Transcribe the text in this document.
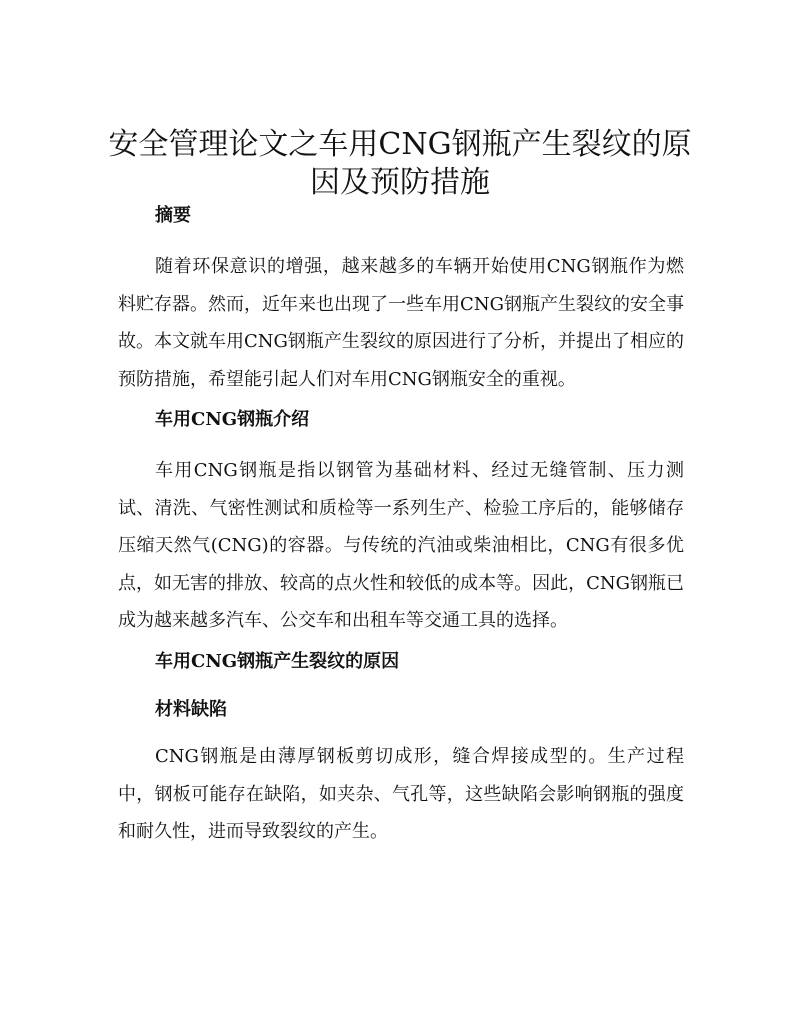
安全管理论文之车用CNG钢瓶产生裂纹的原因及预防措施
摘要

随着环保意识的增强，越来越多的车辆开始使用CNG钢瓶作为燃料贮存器。然而，近年来也出现了一些车用CNG钢瓶产生裂纹的安全事故。本文就车用CNG钢瓶产生裂纹的原因进行了分析，并提出了相应的预防措施，希望能引起人们对车用CNG钢瓶安全的重视。

车用CNG钢瓶介绍

车用CNG钢瓶是指以钢管为基础材料、经过无缝管制、压力测试、清洗、气密性测试和质检等一系列生产、检验工序后的，能够储存压缩天然气(CNG)的容器。与传统的汽油或柴油相比，CNG有很多优点，如无害的排放、较高的点火性和较低的成本等。因此，CNG钢瓶已成为越来越多汽车、公交车和出租车等交通工具的选择。

车用CNG钢瓶产生裂纹的原因
材料缺陷

CNG钢瓶是由薄厚钢板剪切成形，缝合焊接成型的。生产过程中，钢板可能存在缺陷，如夹杂、气孔等，这些缺陷会影响钢瓶的强度和耐久性，进而导致裂纹的产生。
